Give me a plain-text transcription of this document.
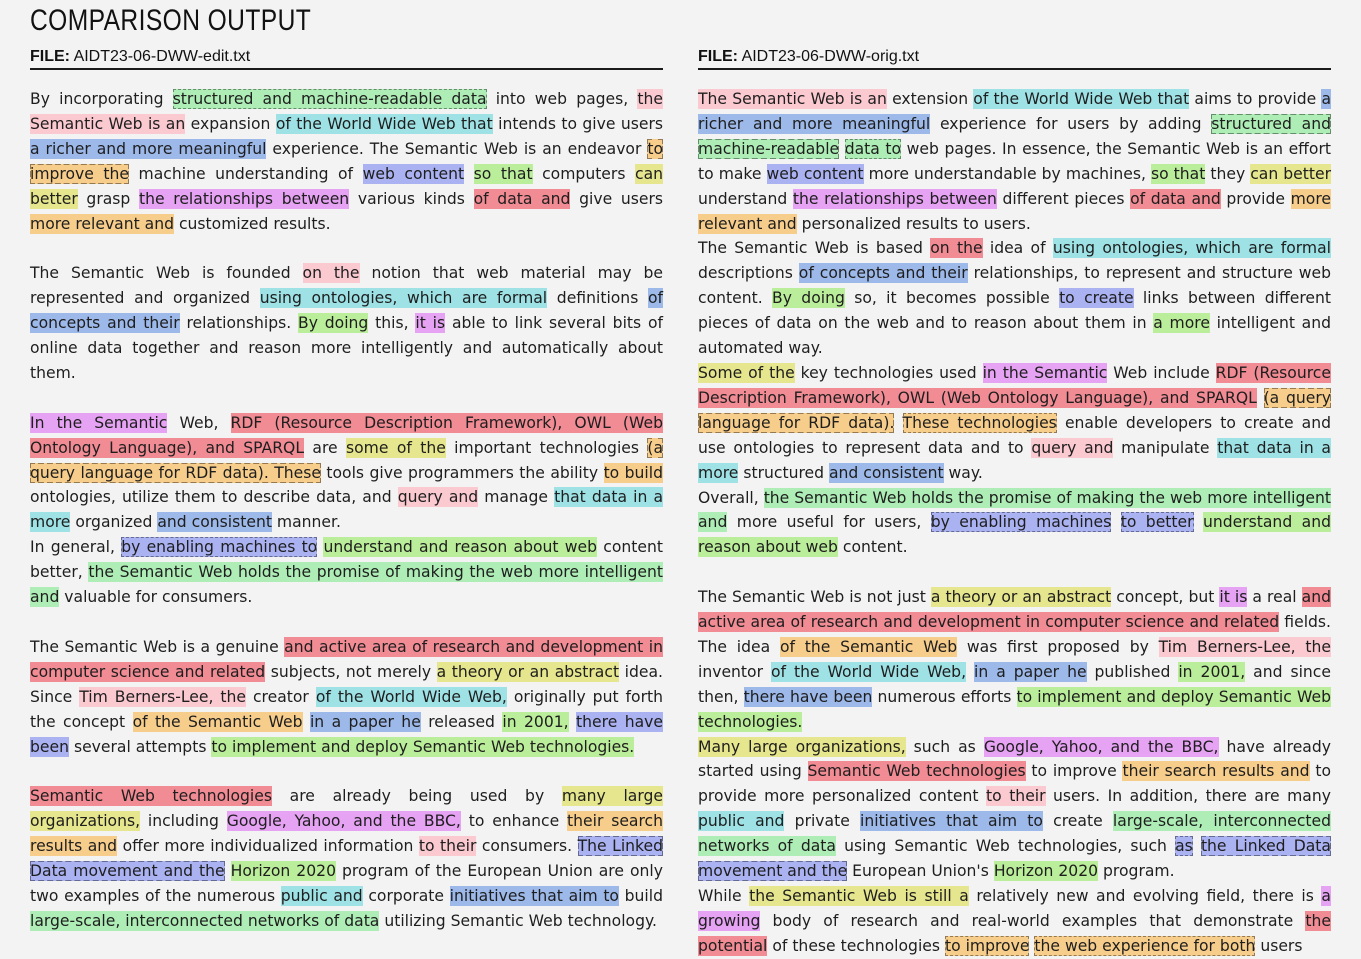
COMPARISON OUTPUT
FILE: AIDT23-06-DWW-edit.txt

By incorporating structured and machine-readable data into web pages, the Semantic Web is an expansion of the World Wide Web that intends to give users a richer and more meaningful experience. The Semantic Web is an endeavor to improve the machine understanding of web content so that computers can better grasp the relationships between various kinds of data and give users more relevant and customized results.

The Semantic Web is founded on the notion that web material may be represented and organized using ontologies, which are formal definitions of concepts and their relationships. By doing this, it is able to link several bits of online data together and reason more intelligently and automatically about them.

In the Semantic Web, RDF (Resource Description Framework), OWL (Web Ontology Language), and SPARQL are some of the important technologies (a query language for RDF data). These tools give programmers the ability to build ontologies, utilize them to describe data, and query and manage that data in a more organized and consistent manner.

In general, by enabling machines to understand and reason about web content better, the Semantic Web holds the promise of making the web more intelligent and valuable for consumers.

The Semantic Web is a genuine and active area of research and development in computer science and related subjects, not merely a theory or an abstract idea. Since Tim Berners-Lee, the creator of the World Wide Web, originally put forth the concept of the Semantic Web in a paper he released in 2001, there have been several attempts to implement and deploy Semantic Web technologies.

Semantic Web technologies are already being used by many large organizations, including Google, Yahoo, and the BBC, to enhance their search results and offer more individualized information to their consumers. The Linked Data movement and the Horizon 2020 program of the European Union are only two examples of the numerous public and corporate initiatives that aim to build large-scale, interconnected networks of data utilizing Semantic Web technology.

FILE: AIDT23-06-DWW-orig.txt

The Semantic Web is an extension of the World Wide Web that aims to provide a richer and more meaningful experience for users by adding structured and machine-readable data to web pages. In essence, the Semantic Web is an effort to make web content more understandable by machines, so that they can better understand the relationships between different pieces of data and provide more relevant and personalized results to users.

The Semantic Web is based on the idea of using ontologies, which are formal descriptions of concepts and their relationships, to represent and structure web content. By doing so, it becomes possible to create links between different pieces of data on the web and to reason about them in a more intelligent and automated way.

Some of the key technologies used in the Semantic Web include RDF (Resource Description Framework), OWL (Web Ontology Language), and SPARQL (a query language for RDF data). These technologies enable developers to create and use ontologies to represent data and to query and manipulate that data in a more structured and consistent way.

Overall, the Semantic Web holds the promise of making the web more intelligent and more useful for users, by enabling machines to better understand and reason about web content.

The Semantic Web is not just a theory or an abstract concept, but it is a real and active area of research and development in computer science and related fields. The idea of the Semantic Web was first proposed by Tim Berners-Lee, the inventor of the World Wide Web, in a paper he published in 2001, and since then, there have been numerous efforts to implement and deploy Semantic Web technologies.

Many large organizations, such as Google, Yahoo, and the BBC, have already started using Semantic Web technologies to improve their search results and to provide more personalized content to their users. In addition, there are many public and private initiatives that aim to create large-scale, interconnected networks of data using Semantic Web technologies, such as the Linked Data movement and the European Union's Horizon 2020 program.

While the Semantic Web is still a relatively new and evolving field, there is a growing body of research and real-world examples that demonstrate the potential of these technologies to improve the web experience for both users
